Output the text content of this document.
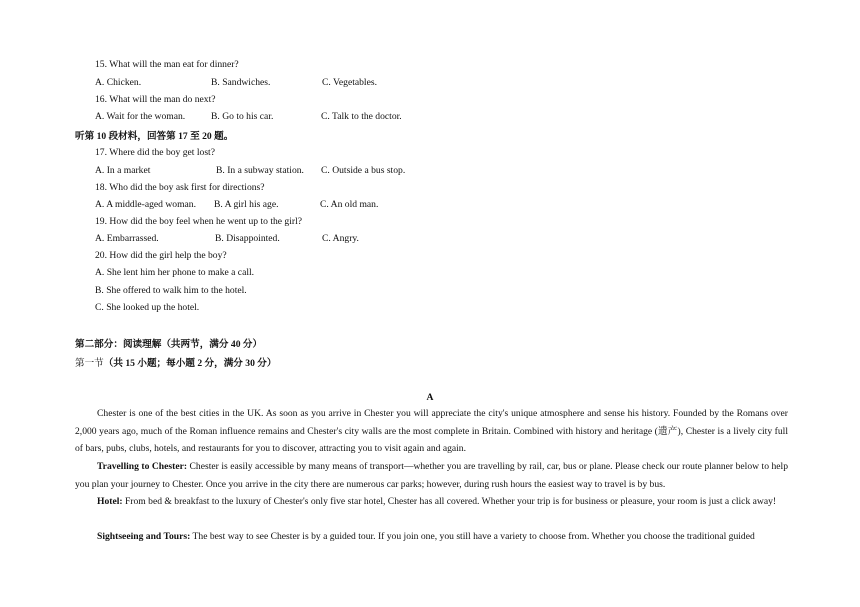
15. What will the man eat for dinner?
A. Chicken.	B. Sandwiches.	C. Vegetables.
16. What will the man do next?
A. Wait for the woman.	B. Go to his car.	C. Talk to the doctor.
听第 10 段材料，回答第 17 至 20 题。
17. Where did the boy get lost?
A. In a market	B. In a subway station. C. Outside a bus stop.
18. Who did the boy ask first for directions?
A. A middle-aged woman. B. A girl his age.	C. An old man.
19. How did the boy feel when he went up to the girl?
A. Embarrassed.	B. Disappointed.	C. Angry.
20. How did the girl help the boy?
A. She lent him her phone to make a call.
B. She offered to walk him to the hotel.
C. She looked up the hotel.
第二部分：阅读理解（共两节，满分 40 分）
第一节（共 15 小题；每小题 2 分，满分 30 分）
A
Chester is one of the best cities in the UK. As soon as you arrive in Chester you will appreciate the city's unique atmosphere and sense his history. Founded by the Romans over 2,000 years ago, much of the Roman influence remains and Chester's city walls are the most complete in Britain. Combined with history and heritage (遗产), Chester is a lively city full of bars, pubs, clubs, hotels, and restaurants for you to discover, attracting you to visit again and again.
Travelling to Chester: Chester is easily accessible by many means of transport—whether you are travelling by rail, car, bus or plane. Please check our route planner below to help you plan your journey to Chester. Once you arrive in the city there are numerous car parks; however, during rush hours the easiest way to travel is by bus.
Hotel: From bed & breakfast to the luxury of Chester's only five star hotel, Chester has all covered. Whether your trip is for business or pleasure, your room is just a click away!
Sightseeing and Tours: The best way to see Chester is by a guided tour. If you join one, you still have a variety to choose from. Whether you choose the traditional guided
